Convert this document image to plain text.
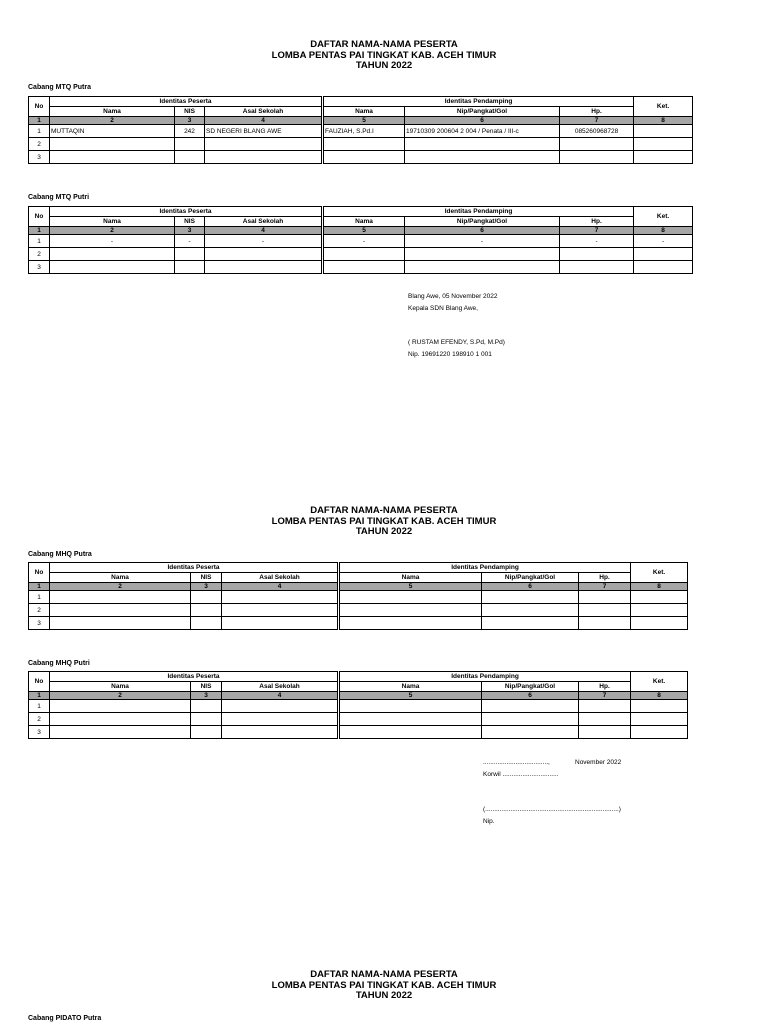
DAFTAR NAMA-NAMA PESERTA
LOMBA PENTAS PAI TINGKAT KAB. ACEH TIMUR
TAHUN 2022
Cabang MTQ Putra
No	Identitas Peserta			Identitas Pendamping			Ket.
	Nama	NIS	Asal Sekolah	Nama	Nip/Pangkat/Gol	Hp.	
1	2	3	4	5	6	7	8
1	MUTTAQIN	242	SD NEGERI BLANG AWE	FAUZIAH, S.Pd.I	19710309 200604 2 004 / Penata / III-c	085260968728	
2							
3							
Cabang MTQ Putri
No	Identitas Peserta			Identitas Pendamping			Ket.
	Nama	NIS	Asal Sekolah	Nama	Nip/Pangkat/Gol	Hp.	
1	2	3	4	5	6	7	8
1	-	-	-	-	-	-	-
2							
3							
Blang Awe, 05 November 2022
Kepala SDN Blang Awe,
( RUSTAM EFENDY, S.Pd, M.Pd)
Nip. 19691220 198910 1 001
DAFTAR NAMA-NAMA PESERTA
LOMBA PENTAS PAI TINGKAT KAB. ACEH TIMUR
TAHUN 2022
Cabang MHQ Putra
No	Identitas Peserta			Identitas Pendamping			Ket.
	Nama	NIS	Asal Sekolah	Nama	Nip/Pangkat/Gol	Hp.	
1	2	3	4	5	6	7	8
1							
2							
3							
Cabang MHQ Putri
No	Identitas Peserta			Identitas Pendamping			Ket.
	Nama	NIS	Asal Sekolah	Nama	Nip/Pangkat/Gol	Hp.	
1	2	3	4	5	6	7	8
1							
2							
3							
....................................,	November 2022
Korwil ...............................
(..........................................................................)
Nip.
DAFTAR NAMA-NAMA PESERTA
LOMBA PENTAS PAI TINGKAT KAB. ACEH TIMUR
TAHUN 2022
Cabang PIDATO Putra
